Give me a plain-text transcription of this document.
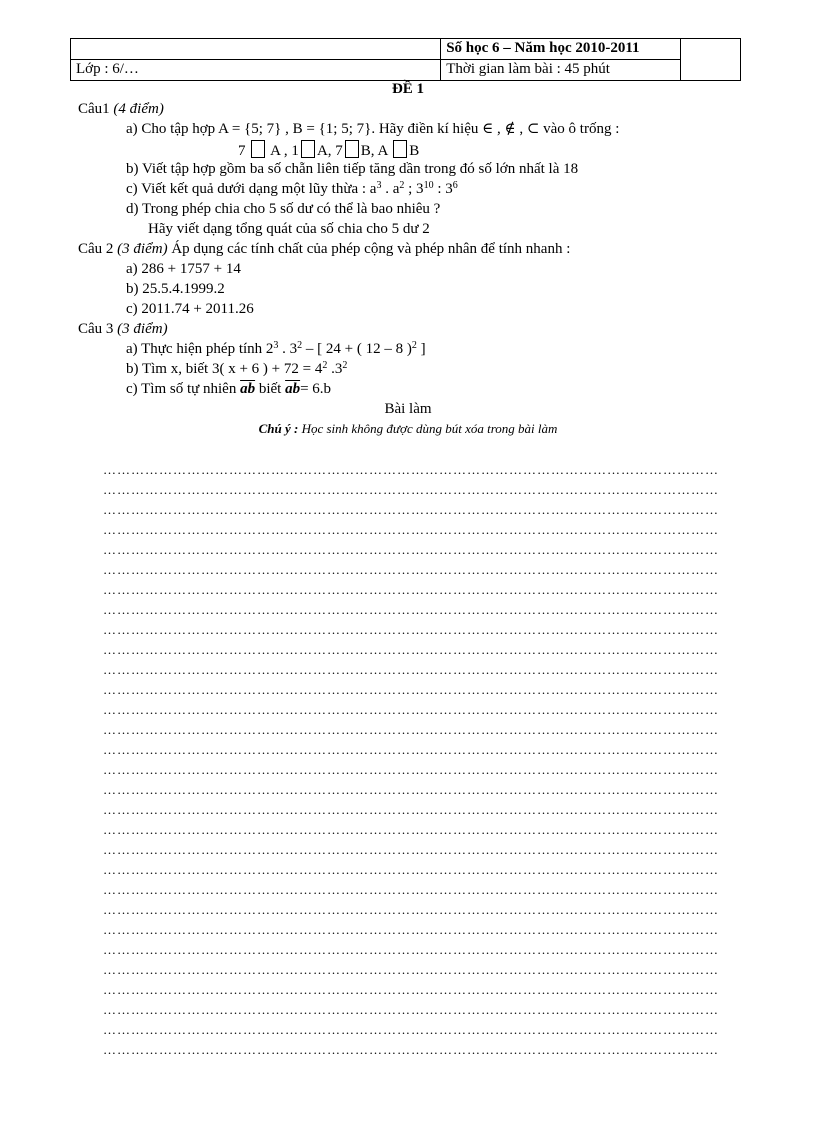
	Số học 6 – Năm học 2010-2011	
Lớp : 6/…	Thời gian làm bài : 45 phút	
ĐỀ 1
Câu1 (4 điểm)
a) Cho tập hợp A = {5; 7} , B = {1; 5; 7}. Hãy điền kí hiệu ∈ , ∉ , ⊂ vào ô trống :
7  A , 1 A, 7 B, A B
b) Viết tập hợp gồm ba số chẵn liên tiếp tăng dần trong đó số lớn nhất là 18
c) Viết kết quả dưới dạng một lũy thừa : $a^3$ . $a^2$ ; $3^{10}$ : $3^6$
d) Trong phép chia cho 5 số dư có thể là bao nhiêu ?
Hãy viết dạng tổng quát của số chia cho 5 dư 2
Câu 2 (3 điểm) Áp dụng các tính chất của phép cộng và phép nhân để tính nhanh :
a) 286 + 1757 + 14
b) 25.5.4.1999.2
c) 2011.74 + 2011.26
Câu 3 (3 điểm)
a) Thực hiện phép tính $2^3$ . $3^2$ – [ 24 + ( 12 – 8 )$^2$ ]
b) Tìm x, biết 3( x + 6 ) + $72 = 4^2$ $.3^2$
c) Tìm số tự nhiên $\overline{ab}$ biết $\overline{ab}= 6.b$
Bài làm
Chú ý : Học sinh không được dùng bút xóa trong bài làm
……………………………………………………………………………………………………………………
……………………………………………………………………………………………………………………
……………………………………………………………………………………………………………………
……………………………………………………………………………………………………………………
……………………………………………………………………………………………………………………
……………………………………………………………………………………………………………………
……………………………………………………………………………………………………………………
……………………………………………………………………………………………………………………
……………………………………………………………………………………………………………………
……………………………………………………………………………………………………………………
……………………………………………………………………………………………………………………
……………………………………………………………………………………………………………………
……………………………………………………………………………………………………………………
……………………………………………………………………………………………………………………
……………………………………………………………………………………………………………………
……………………………………………………………………………………………………………………
……………………………………………………………………………………………………………………
……………………………………………………………………………………………………………………
……………………………………………………………………………………………………………………
……………………………………………………………………………………………………………………
……………………………………………………………………………………………………………………
……………………………………………………………………………………………………………………
……………………………………………………………………………………………………………………
……………………………………………………………………………………………………………………
……………………………………………………………………………………………………………………
……………………………………………………………………………………………………………………
……………………………………………………………………………………………………………………
……………………………………………………………………………………………………………………
……………………………………………………………………………………………………………………
……………………………………………………………………………………………………………………
